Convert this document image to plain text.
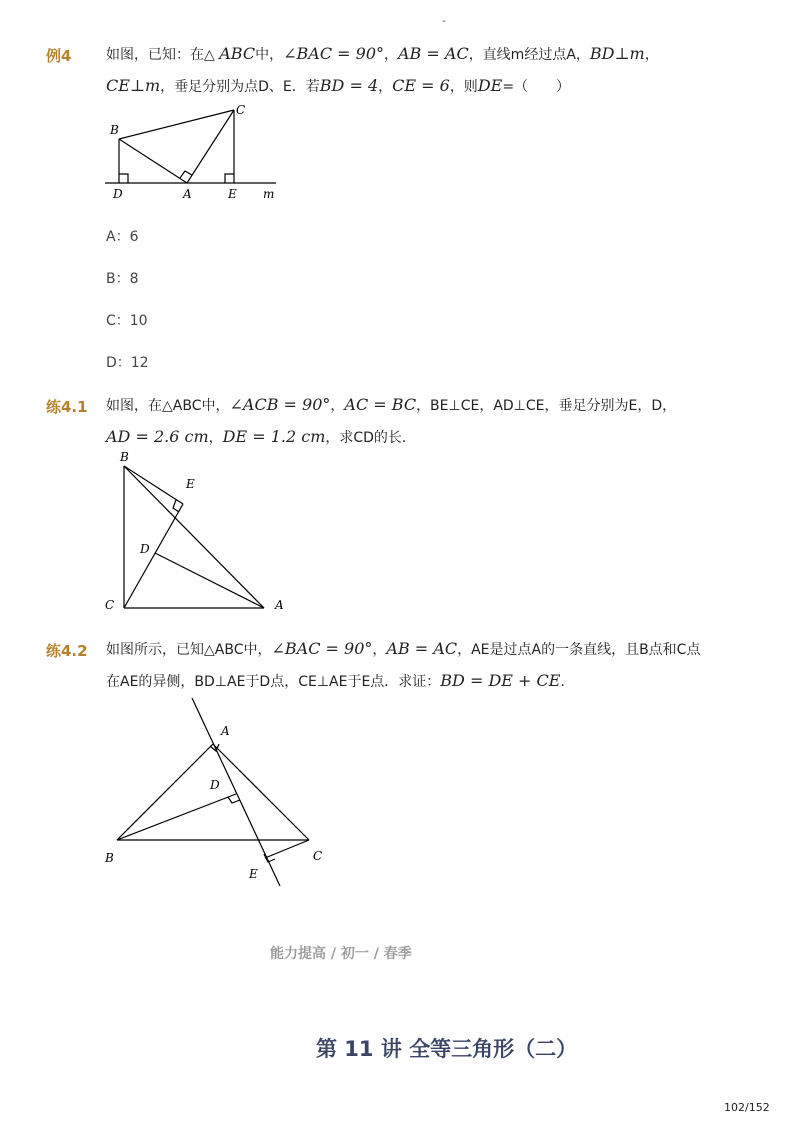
-
例4 如图，已知：在△ ABC中，∠BAC = 90°，AB = AC，直线m经过点A，BD⊥m，
CE⊥m，垂足分别为点D、E．若BD = 4，CE = 6，则DE=（　　）
B
C
D	A	E m
A：6
B：8
C：10
D：12
练4.1 如图，在△ABC中，∠ACB = 90°，AC = BC，BE⊥CE，AD⊥CE，垂足分别为E，D，
AD = 2.6 cm，DE = 1.2 cm，求CD的长．
B
E
D
C	A
练4.2 如图所示，已知△ABC中，∠BAC = 90°，AB = AC，AE是过点A的一条直线，且B点和C点
在AE的异侧，BD⊥AE于D点，CE⊥AE于E点．求证：BD = DE + CE．
A
D
B	C
E
能力提高 / 初一 / 春季
第 11 讲 全等三角形（二）
102/152
